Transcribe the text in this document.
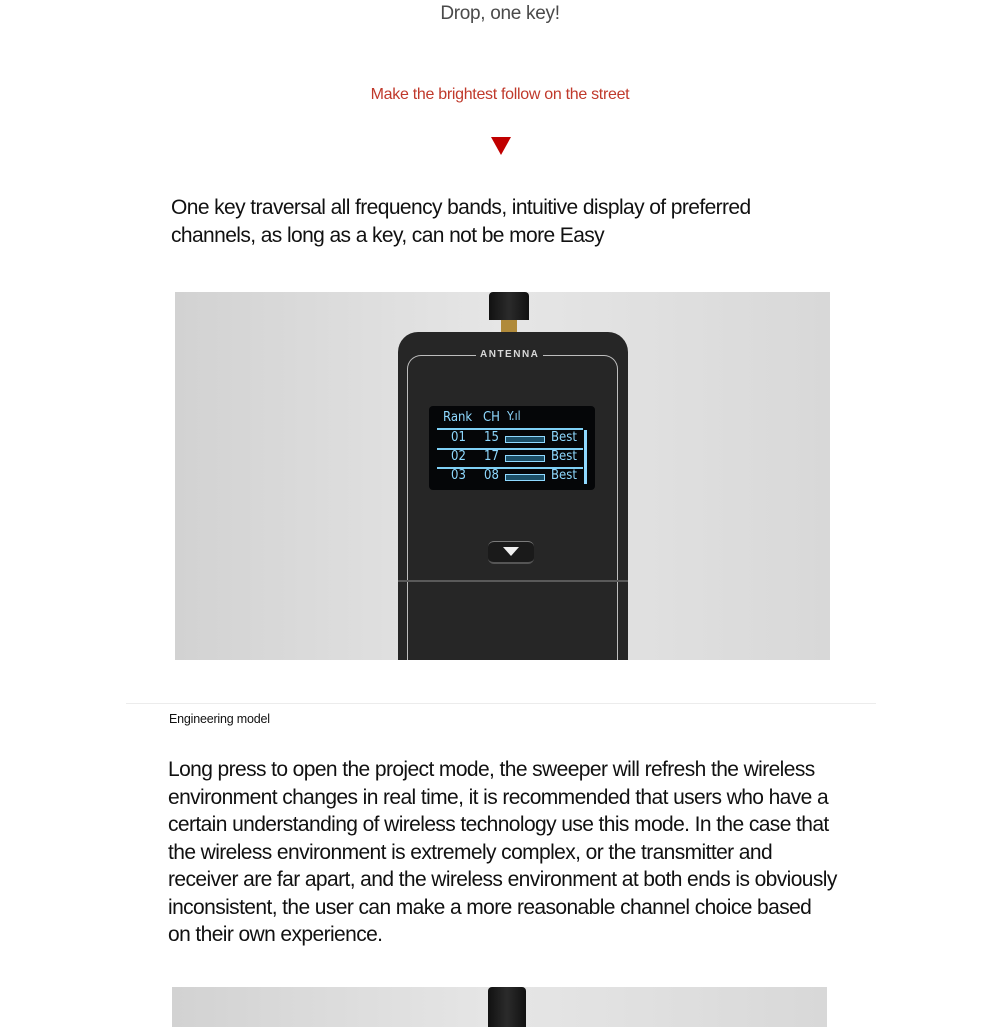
Drop, one key!
Make the brightest follow on the street
One key traversal all frequency bands, intuitive display of preferred channels, as long as a key, can not be more Easy
ANTENNA
Rank CH Y.ıl
01 15	Best
02 17	Best
03 08	Best
Engineering model
Long press to open the project mode, the sweeper will refresh the wireless environment changes in real time, it is recommended that users who have a certain understanding of wireless technology use this mode. In the case that the wireless environment is extremely complex, or the transmitter and receiver are far apart, and the wireless environment at both ends is obviously inconsistent, the user can make a more reasonable channel choice based on their own experience.
